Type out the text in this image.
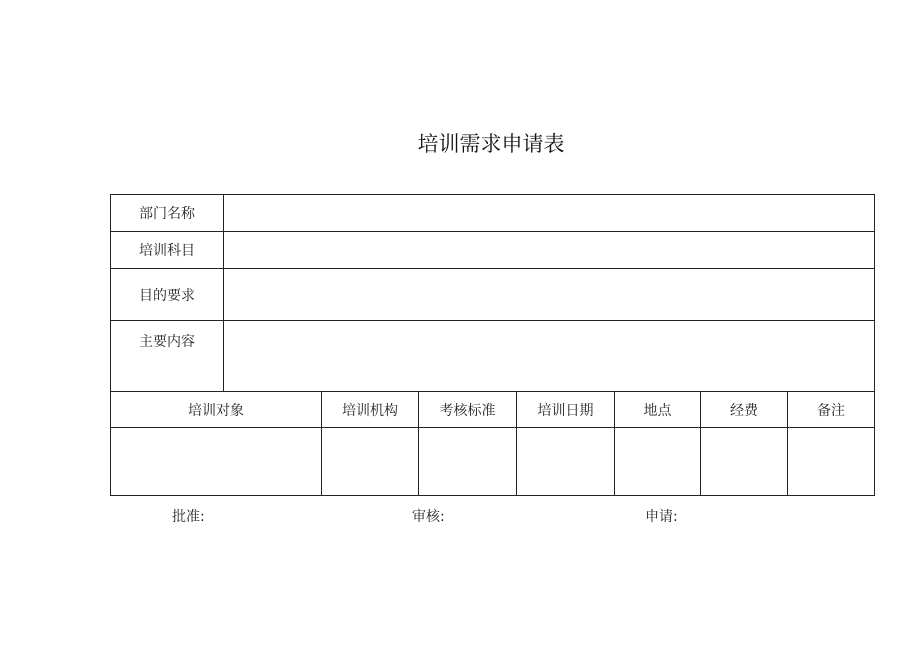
培训需求申请表
部门名称							
培训科目							
目的要求							
主要内容							
培训对象		培训机构	考核标准	培训日期	地点	经费	备注

批准:	审核:	申请:
